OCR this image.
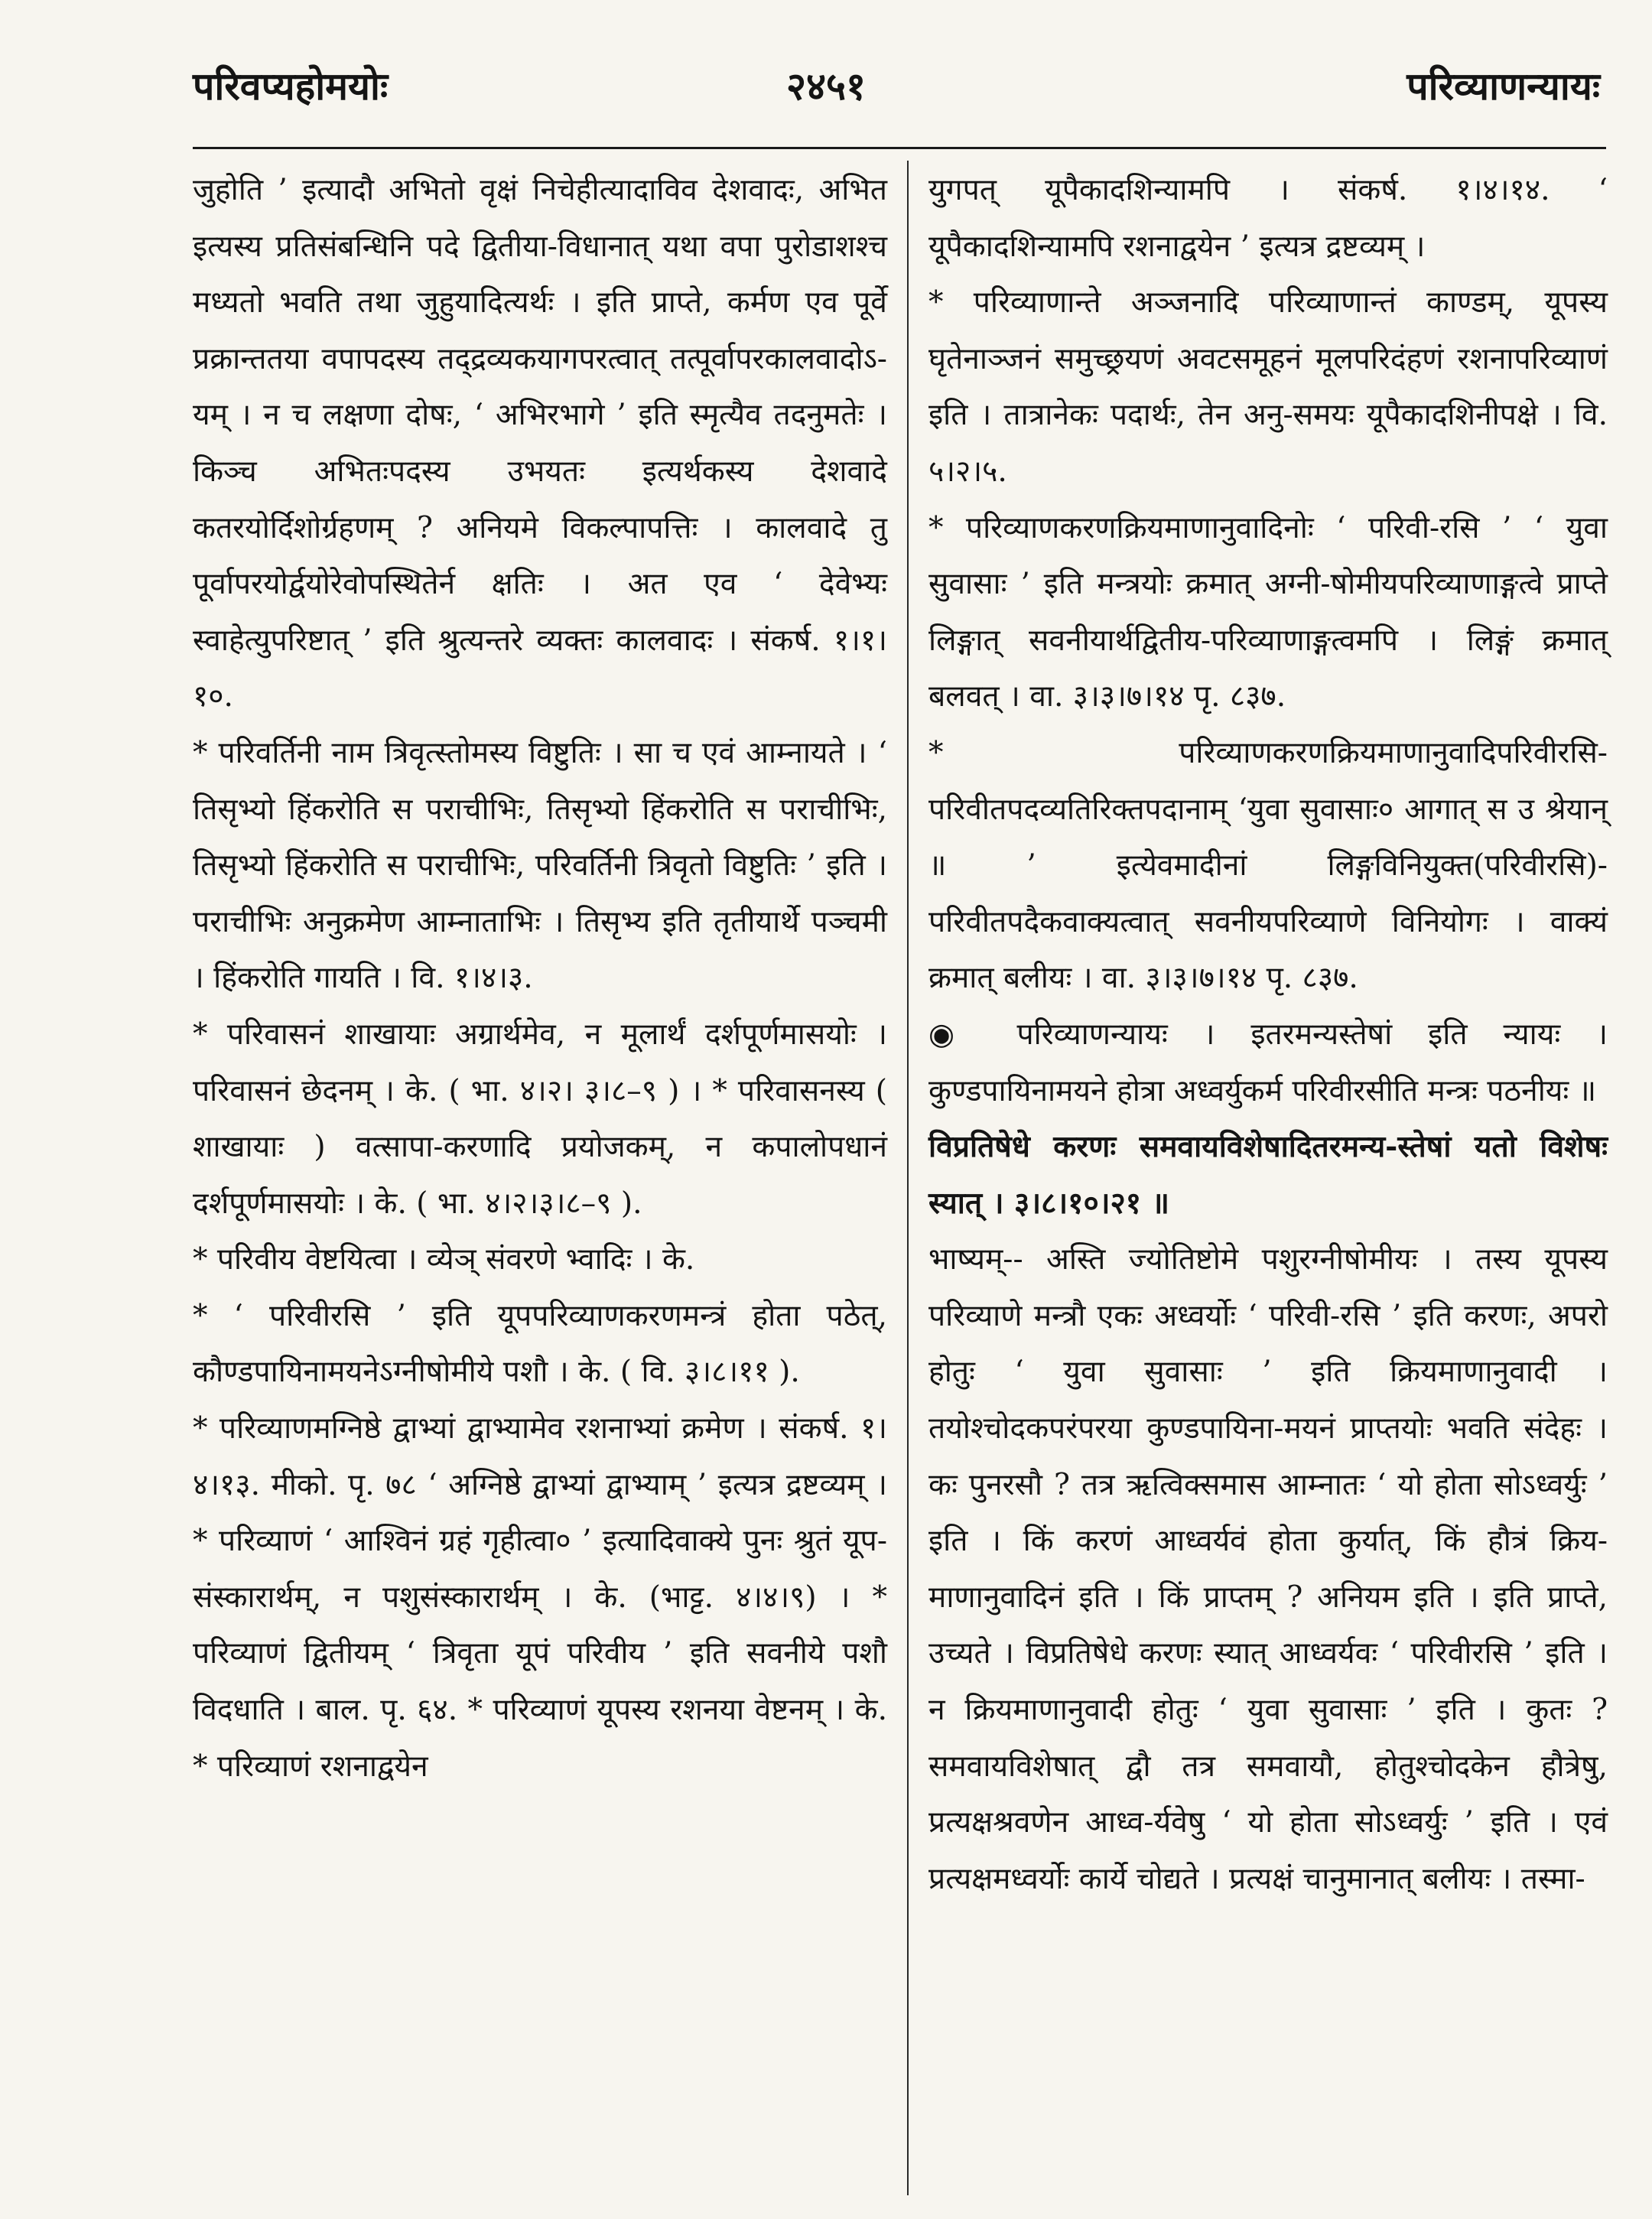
परिवप्यहोमयोः	२४५१	परिव्याणन्यायः

जुहोति ’ इत्यादौ अभितो वृक्षं निचेहीत्यादाविव देशवादः, अभित इत्यस्य प्रतिसंबन्धिनि पदे द्वितीया-विधानात् यथा वपा पुरोडाशश्च मध्यतो भवति तथा जुहुयादित्यर्थः । इति प्राप्ते, कर्मण एव पूर्वे प्रक्रान्ततया वपापदस्य तद्द्रव्यकयागपरत्वात् तत्पूर्वापरकालवादोऽ-यम् । न च लक्षणा दोषः, ‘ अभिरभागे ’ इति स्मृत्यैव तदनुमतेः । किञ्च अभितःपदस्य उभयतः इत्यर्थकस्य देशवादे कतरयोर्दिशोर्ग्रहणम् ? अनियमे विकल्पापत्तिः । कालवादे तु पूर्वापरयोर्द्वयोरेवोपस्थितेर्न क्षतिः । अत एव ‘ देवेभ्यः स्वाहेत्युपरिष्टात् ’ इति श्रुत्यन्तरे व्यक्तः कालवादः । संकर्ष. १।१।१०.

* परिवर्तिनी नाम त्रिवृत्स्तोमस्य विष्टुतिः । सा च एवं आम्नायते । ‘ तिसृभ्यो हिंकरोति स पराचीभिः, तिसृभ्यो हिंकरोति स पराचीभिः, तिसृभ्यो हिंकरोति स पराचीभिः, परिवर्तिनी त्रिवृतो विष्टुतिः ’ इति । पराचीभिः अनुक्रमेण आम्नाताभिः । तिसृभ्य इति तृतीयार्थे पञ्चमी । हिंकरोति गायति । वि. १।४।३.

* परिवासनं शाखायाः अग्रार्थमेव, न मूलार्थं दर्शपूर्णमासयोः । परिवासनं छेदनम् । के. ( भा. ४।२। ३।८–९ ) । * परिवासनस्य ( शाखायाः ) वत्सापा-करणादि प्रयोजकम्, न कपालोपधानं दर्शपूर्णमासयोः । के. ( भा. ४।२।३।८–९ ).

* परिवीय वेष्टयित्वा । व्येञ् संवरणे भ्वादिः । के.

* ‘ परिवीरसि ’ इति यूपपरिव्याणकरणमन्त्रं होता पठेत्, कौण्डपायिनामयनेऽग्नीषोमीये पशौ । के. ( वि. ३।८।११ ).

* परिव्याणमग्निष्ठे द्वाभ्यां द्वाभ्यामेव रशनाभ्यां क्रमेण । संकर्ष. १।४।१३. मीको. पृ. ७८ ‘ अग्निष्ठे द्वाभ्यां द्वाभ्याम् ’ इत्यत्र द्रष्टव्यम् । * परिव्याणं ‘ आश्विनं ग्रहं गृहीत्वा० ’ इत्यादिवाक्ये पुनः श्रुतं यूप-संस्कारार्थम्, न पशुसंस्कारार्थम् । के. (भाट्ट. ४।४।९) । * परिव्याणं द्वितीयम् ‘ त्रिवृता यूपं परिवीय ’ इति सवनीये पशौ विदधाति । बाल. पृ. ६४. * परिव्याणं यूपस्य रशनया वेष्टनम् । के. * परिव्याणं रशनाद्वयेन

युगपत् यूपैकादशिन्यामपि । संकर्ष. १।४।१४. ‘ यूपैकादशिन्यामपि रशनाद्वयेन ’ इत्यत्र द्रष्टव्यम् ।

* परिव्याणान्ते अञ्जनादि परिव्याणान्तं काण्डम्, यूपस्य घृतेनाञ्जनं समुच्छ्रयणं अवटसमूहनं मूलपरिदंहणं रशनापरिव्याणं इति । तात्रानेकः पदार्थः, तेन अनु-समयः यूपैकादशिनीपक्षे । वि. ५।२।५.

* परिव्याणकरणक्रियमाणानुवादिनोः ‘ परिवी-रसि ’ ‘ युवा सुवासाः ’ इति मन्त्रयोः क्रमात् अग्नी-षोमीयपरिव्याणाङ्गत्वे प्राप्ते लिङ्गात् सवनीयार्थद्वितीय-परिव्याणाङ्गत्वमपि । लिङ्गं क्रमात् बलवत् । वा. ३।३।७।१४ पृ. ८३७.

* परिव्याणकरणक्रियमाणानुवादिपरिवीरसि-परिवीतपदव्यतिरिक्तपदानाम् ‘युवा सुवासाः० आगात् स उ श्रेयान् ॥ ’ इत्येवमादीनां लिङ्गविनियुक्त(परिवीरसि)-परिवीतपदैकवाक्यत्वात् सवनीयपरिव्याणे विनियोगः । वाक्यं क्रमात् बलीयः । वा. ३।३।७।१४ पृ. ८३७.

◉ परिव्याणन्यायः । इतरमन्यस्तेषां इति न्यायः । कुण्डपायिनामयने होत्रा अध्वर्युकर्म परिवीरसीति मन्त्रः पठनीयः ॥

विप्रतिषेधे करणः समवायविशेषादितरमन्य-स्तेषां यतो विशेषः स्यात् । ३।८।१०।२१ ॥

भाष्यम्-- अस्ति ज्योतिष्टोमे पशुरग्नीषोमीयः । तस्य यूपस्य परिव्याणे मन्त्रौ एकः अध्वर्योः ‘ परिवी-रसि ’ इति करणः, अपरो होतुः ‘ युवा सुवासाः ’ इति क्रियमाणानुवादी । तयोश्चोदकपरंपरया कुण्डपायिना-मयनं प्राप्तयोः भवति संदेहः । कः पुनरसौ ? तत्र ऋत्विक्समास आम्नातः ‘ यो होता सोऽध्वर्युः ’ इति । किं करणं आध्वर्यवं होता कुर्यात्, किं हौत्रं क्रिय-माणानुवादिनं इति । किं प्राप्तम् ? अनियम इति । इति प्राप्ते, उच्यते । विप्रतिषेधे करणः स्यात् आध्वर्यवः ‘ परिवीरसि ’ इति । न क्रियमाणानुवादी होतुः ‘ युवा सुवासाः ’ इति । कुतः ? समवायविशेषात् द्वौ तत्र समवायौ, होतुश्चोदकेन हौत्रेषु, प्रत्यक्षश्रवणेन आध्व-र्यवेषु ‘ यो होता सोऽध्वर्युः ’ इति । एवं प्रत्यक्षमध्वर्योः कार्ये चोद्यते । प्रत्यक्षं चानुमानात् बलीयः । तस्मा-
